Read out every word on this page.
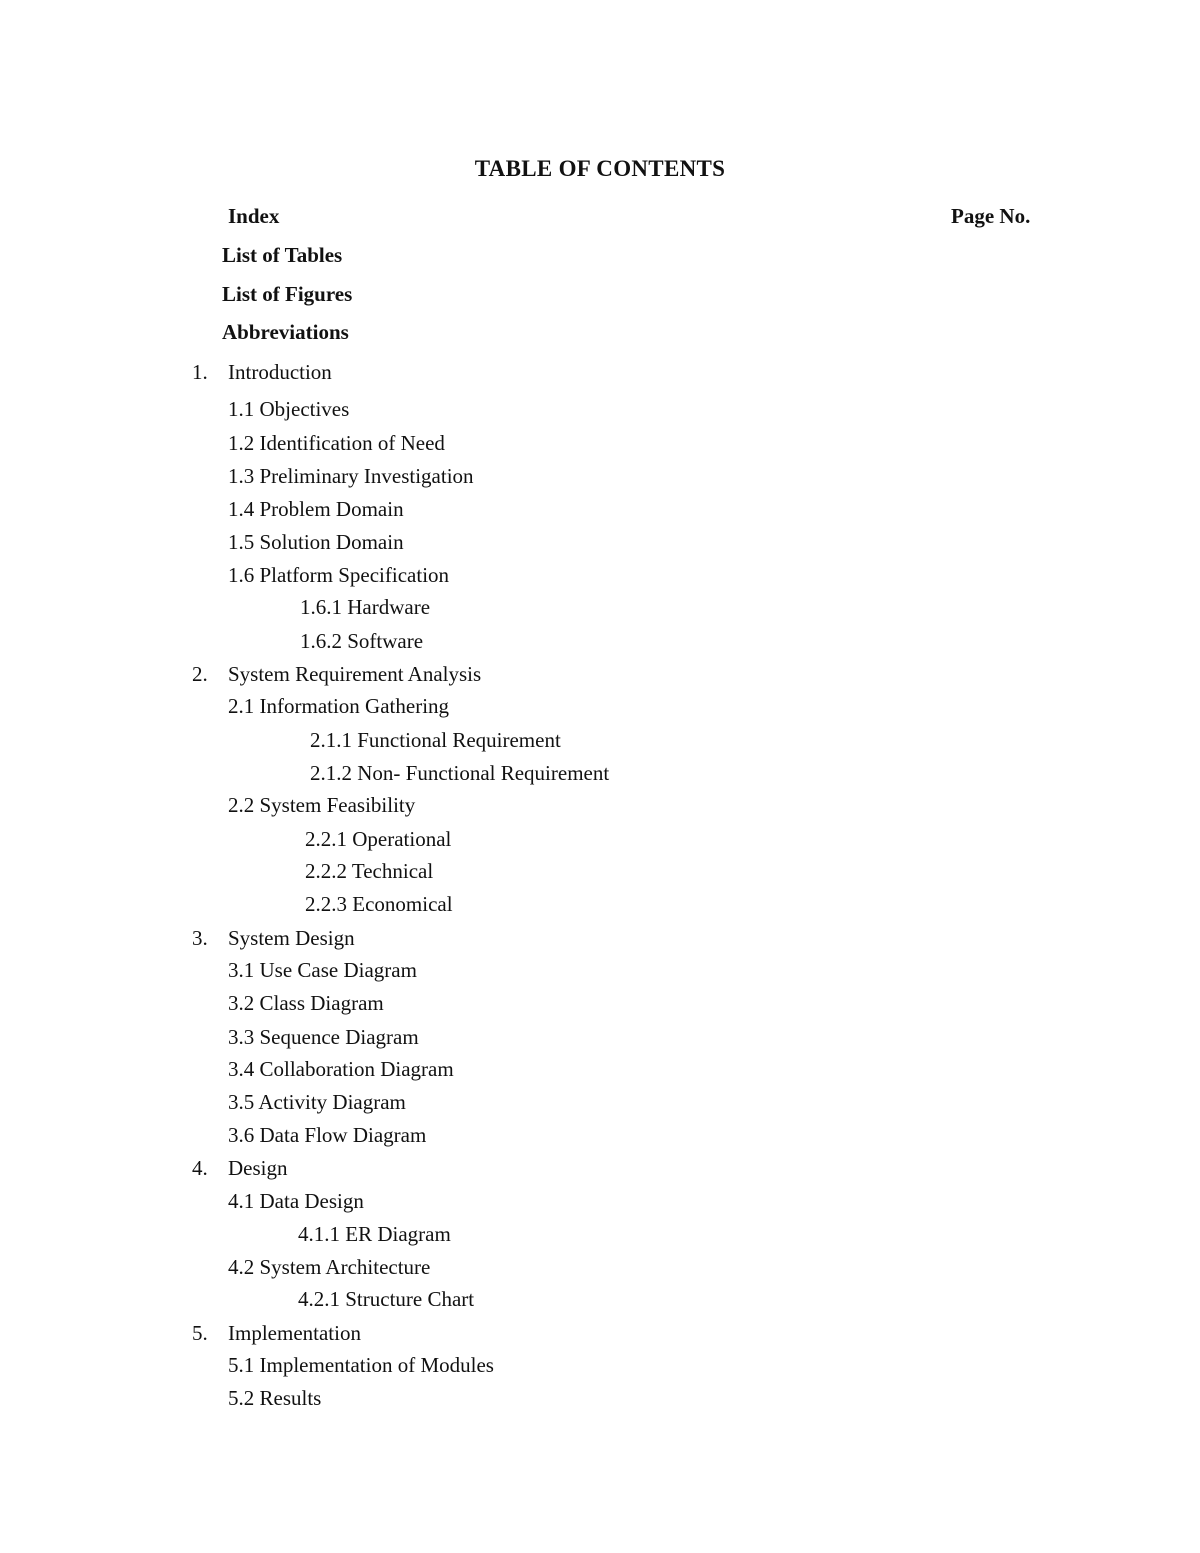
TABLE OF CONTENTS
Index	Page No.
List of Tables
List of Figures
Abbreviations
1. Introduction
1.1 Objectives
1.2 Identification of Need
1.3 Preliminary Investigation
1.4 Problem Domain
1.5 Solution Domain
1.6 Platform Specification
1.6.1 Hardware
1.6.2 Software
2. System Requirement Analysis
2.1 Information Gathering
2.1.1 Functional Requirement
2.1.2 Non- Functional Requirement
2.2 System Feasibility
2.2.1 Operational
2.2.2 Technical
2.2.3 Economical
3. System Design
3.1 Use Case Diagram
3.2 Class Diagram
3.3 Sequence Diagram
3.4 Collaboration Diagram
3.5 Activity Diagram
3.6 Data Flow Diagram
4. Design
4.1 Data Design
4.1.1 ER Diagram
4.2 System Architecture
4.2.1 Structure Chart
5. Implementation
5.1 Implementation of Modules
5.2 Results
